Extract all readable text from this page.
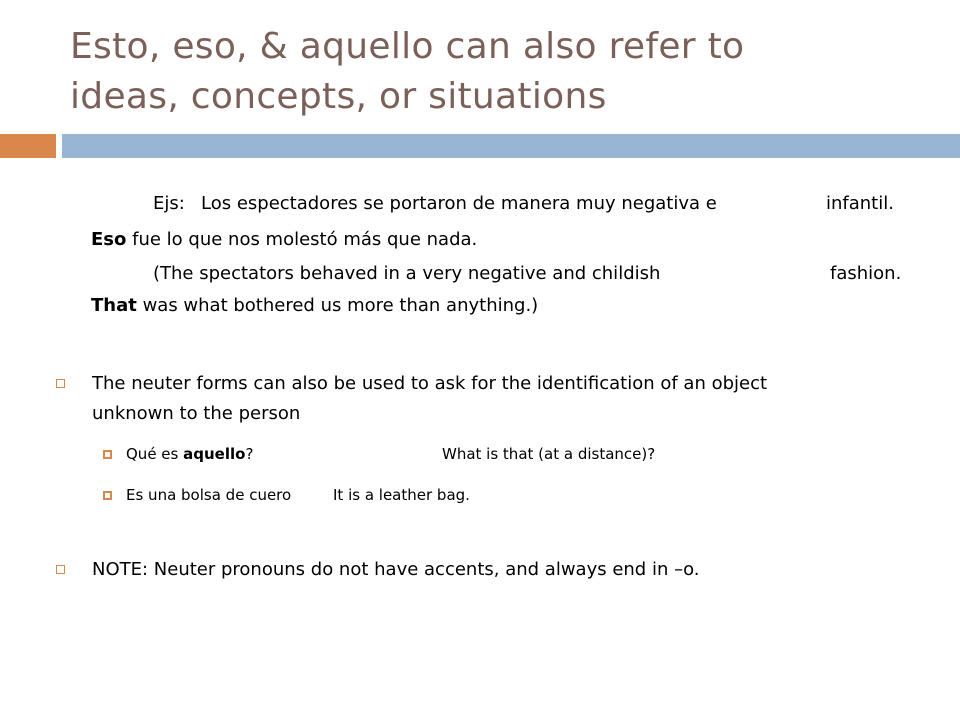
Esto, eso, & aquello can also refer to
ideas, concepts, or situations
Ejs: Los espectadores se portaron de manera muy negativa e	infantil.
Eso fue lo que nos molestó más que nada.
(The spectators behaved in a very negative and childish	fashion.
That was what bothered us more than anything.)
The neuter forms can also be used to ask for the identification of an object
unknown to the person
Qué es aquello?	What is that (at a distance)?
Es una bolsa de cuero	It is a leather bag.
NOTE: Neuter pronouns do not have accents, and always end in –o.
